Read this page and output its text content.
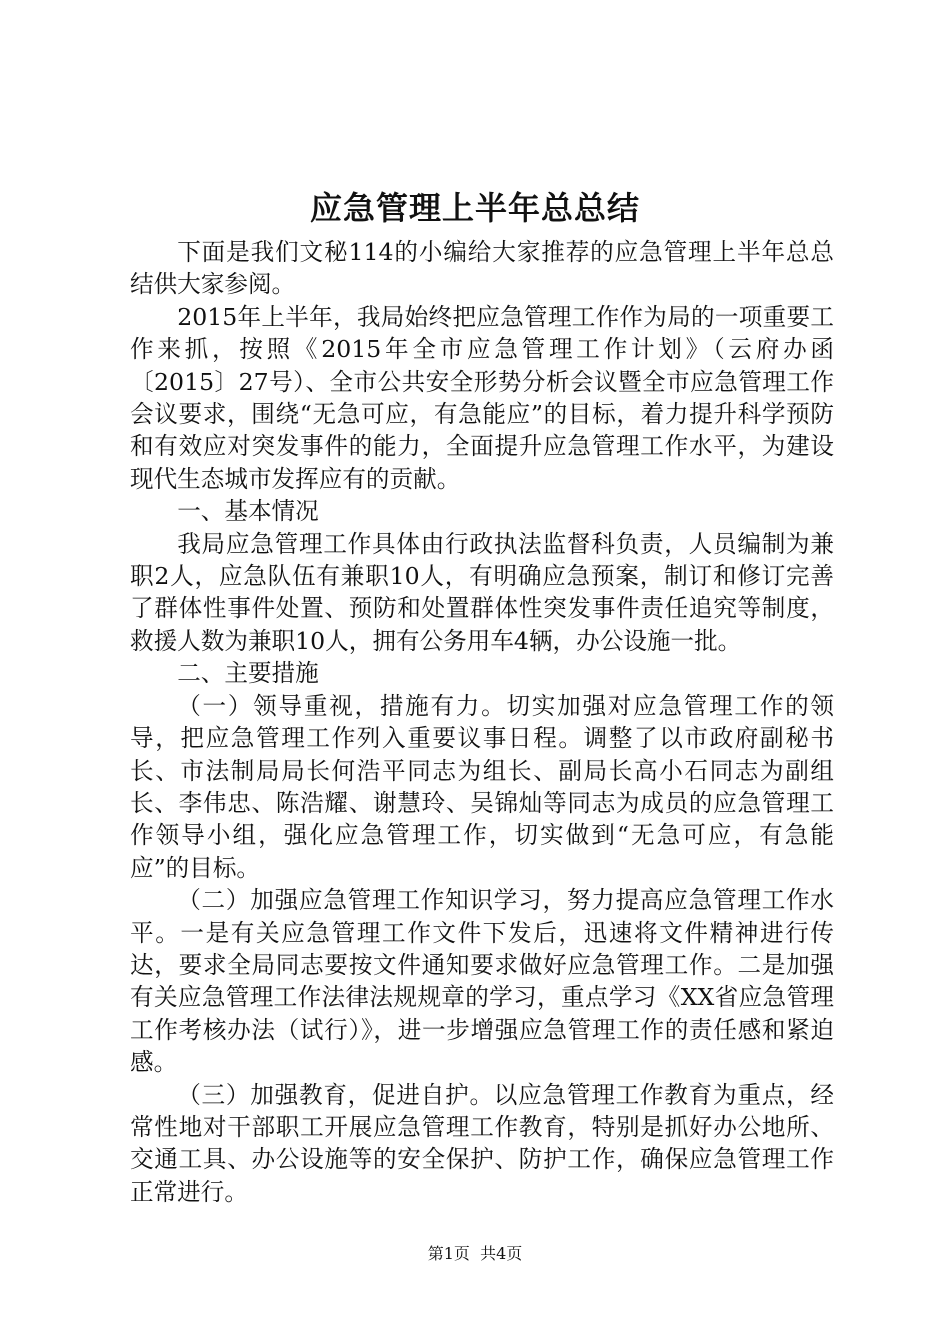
应急管理上半年总总结

下面是我们文秘114的小编给大家推荐的应急管理上半年总总结供大家参阅。

2015年上半年，我局始终把应急管理工作作为局的一项重要工作来抓，按照《2015年全市应急管理工作计划》（云府办函〔2015〕27号）、全市公共安全形势分析会议暨全市应急管理工作会议要求，围绕“无急可应，有急能应”的目标，着力提升科学预防和有效应对突发事件的能力，全面提升应急管理工作水平，为建设现代生态城市发挥应有的贡献。

一、基本情况

我局应急管理工作具体由行政执法监督科负责，人员编制为兼职2人，应急队伍有兼职10人，有明确应急预案，制订和修订完善了群体性事件处置、预防和处置群体性突发事件责任追究等制度，救援人数为兼职10人，拥有公务用车4辆，办公设施一批。

二、主要措施

（一）领导重视，措施有力。切实加强对应急管理工作的领导，把应急管理工作列入重要议事日程。调整了以市政府副秘书长、市法制局局长何浩平同志为组长、副局长高小石同志为副组长、李伟忠、陈浩耀、谢慧玲、吴锦灿等同志为成员的应急管理工作领导小组，强化应急管理工作，切实做到“无急可应，有急能应”的目标。

（二）加强应急管理工作知识学习，努力提高应急管理工作水平。一是有关应急管理工作文件下发后，迅速将文件精神进行传达，要求全局同志要按文件通知要求做好应急管理工作。二是加强有关应急管理工作法律法规规章的学习，重点学习《XX省应急管理工作考核办法（试行）》，进一步增强应急管理工作的责任感和紧迫感。

（三）加强教育，促进自护。以应急管理工作教育为重点，经常性地对干部职工开展应急管理工作教育，特别是抓好办公地所、交通工具、办公设施等的安全保护、防护工作，确保应急管理工作正常进行。

第1页 共4页
